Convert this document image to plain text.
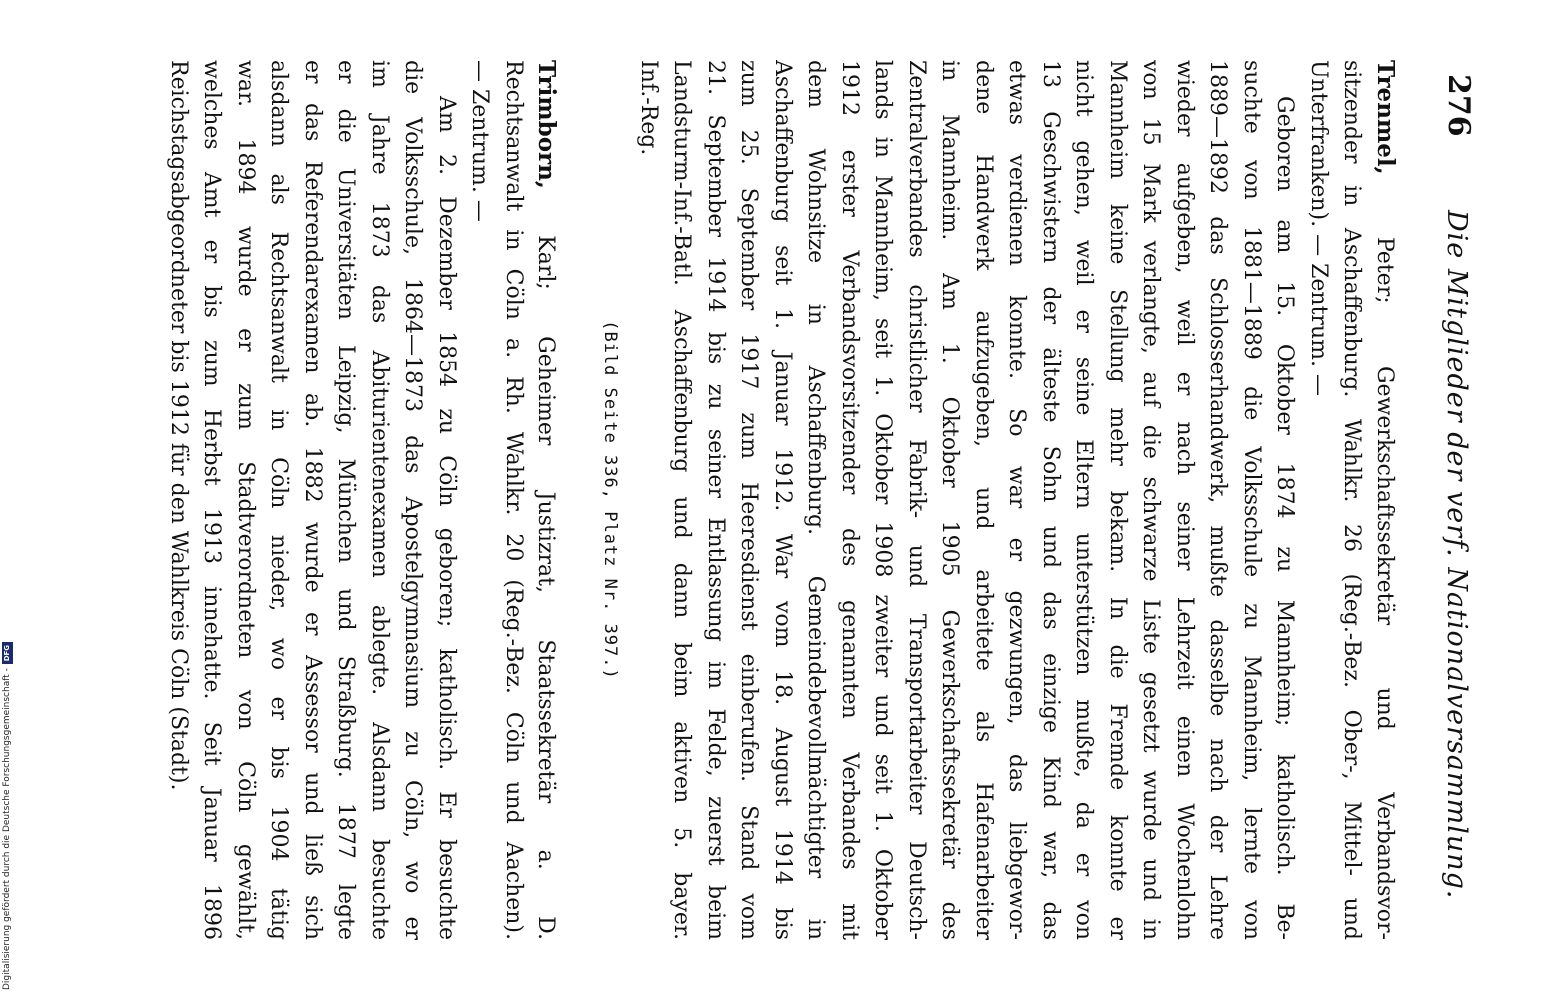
276
Die Mitglieder der verf. Nationalversammlung.
Trenmel, Peter; Gewerkschaftssekretär und Verbandsvor-
sitzender in Aschaffenburg. Wahlkr. 26 (Reg.-Bez. Ober-, Mittel- und
Unterfranken). — Zentrum. —
Geboren am 15. Oktober 1874 zu Mannheim; katholisch. Be-
suchte von 1881—1889 die Volksschule zu Mannheim, lernte von
1889—1892 das Schlosserhandwerk, mußte dasselbe nach der Lehre
wieder aufgeben, weil er nach seiner Lehrzeit einen Wochenlohn
von 15 Mark verlangte, auf die schwarze Liste gesetzt wurde und in
Mannheim keine Stellung mehr bekam. In die Fremde konnte er
nicht gehen, weil er seine Eltern unterstützen mußte, da er von
13 Geschwistern der älteste Sohn und das einzige Kind war, das
etwas verdienen konnte. So war er gezwungen, das liebgewor-
dene Handwerk aufzugeben, und arbeitete als Hafenarbeiter
in Mannheim. Am 1. Oktober 1905 Gewerkschaftssekretär des
Zentralverbandes christlicher Fabrik- und Transportarbeiter Deutsch-
lands in Mannheim, seit 1. Oktober 1908 zweiter und seit 1. Oktober
1912 erster Verbandsvorsitzender des genannten Verbandes mit
dem Wohnsitze in Aschaffenburg. Gemeindebevollmächtigter in
Aschaffenburg seit 1. Januar 1912. War vom 18. August 1914 bis
zum 25. September 1917 zum Heeresdienst einberufen. Stand vom
21. September 1914 bis zu seiner Entlassung im Felde, zuerst beim
Landsturm-Inf.-Batl. Aschaffenburg und dann beim aktiven 5. bayer.
Inf.-Reg.
(Bild Seite 336, Platz Nr. 397.)
Trimborn, Karl; Geheimer Justizrat, Staatssekretär a. D.
Rechtsanwalt in Cöln a. Rh. Wahlkr. 20 (Reg.-Bez. Cöln und Aachen).
— Zentrum. —
Am 2. Dezember 1854 zu Cöln geboren; katholisch. Er besuchte
die Volksschule, 1864—1873 das Apostelgymnasium zu Cöln, wo er
im Jahre 1873 das Abiturientenexamen ablegte. Alsdann besuchte
er die Universitäten Leipzig, München und Straßburg. 1877 legte
er das Referendarexamen ab. 1882 wurde er Assessor und ließ sich
alsdann als Rechtsanwalt in Cöln nieder, wo er bis 1904 tätig
war. 1894 wurde er zum Stadtverordneten von Cöln gewählt,
welches Amt er bis zum Herbst 1913 innehatte. Seit Januar 1896
Reichstagsabgeordneter bis 1912 für den Wahlkreis Cöln (Stadt).
Digitalisierung gefördert durch die Deutsche Forschungsgemeinschaft -
DFG
